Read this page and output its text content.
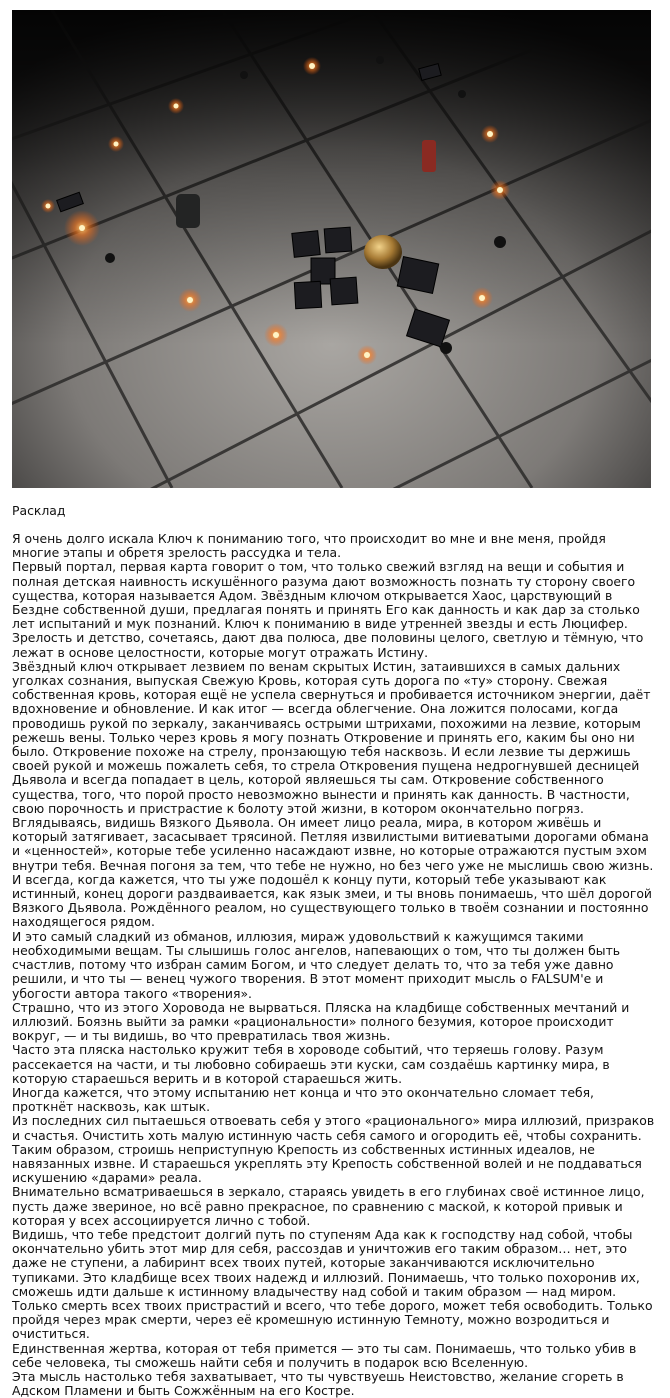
Расклад

Я очень долго искала Ключ к пониманию того, что происходит во мне и вне меня, пройдя многие этапы и обретя зрелость рассудка и тела.

Первый портал, первая карта говорит о том, что только свежий взгляд на вещи и события и полная детская наивность искушённого разума дают возможность познать ту сторону своего существа, которая называется Адом. Звёздным ключом открывается Хаос, царствующий в Бездне собственной души, предлагая понять и принять Его как данность и как дар за столько лет испытаний и мук познаний. Ключ к пониманию в виде утренней звезды и есть Люцифер.

Зрелость и детство, сочетаясь, дают два полюса, две половины целого, светлую и тёмную, что лежат в основе целостности, которые могут отражать Истину.

Звёздный ключ открывает лезвием по венам скрытых Истин, затаившихся в самых дальних уголках сознания, выпуская Свежую Кровь, которая суть дорога по «ту» сторону. Свежая собственная кровь, которая ещё не успела свернуться и пробивается источником энергии, даёт вдохновение и обновление. И как итог — всегда облегчение. Она ложится полосами, когда проводишь рукой по зеркалу, заканчиваясь острыми штрихами, похожими на лезвие, которым режешь вены. Только через кровь я могу познать Откровение и принять его, каким бы оно ни было. Откровение похоже на стрелу, пронзающую тебя насквозь. И если лезвие ты держишь своей рукой и можешь пожалеть себя, то стрела Откровения пущена недрогнувшей десницей Дьявола и всегда попадает в цель, которой являешься ты сам. Откровение собственного существа, того, что порой просто невозможно вынести и принять как данность. В частности, свою порочность и пристрастие к болоту этой жизни, в котором окончательно погряз. Вглядываясь, видишь Вязкого Дьявола. Он имеет лицо реала, мира, в котором живёшь и который затягивает, засасывает трясиной. Петляя извилистыми витиеватыми дорогами обмана и «ценностей», которые тебе усиленно насаждают извне, но которые отражаются пустым эхом внутри тебя. Вечная погоня за тем, что тебе не нужно, но без чего уже не мыслишь свою жизнь. И всегда, когда кажется, что ты уже подошёл к концу пути, который тебе указывают как истинный, конец дороги раздваивается, как язык змеи, и ты вновь понимаешь, что шёл дорогой Вязкого Дьявола. Рождённого реалом, но существующего только в твоём сознании и постоянно находящегося рядом.

И это самый сладкий из обманов, иллюзия, мираж удовольствий к кажущимся такими необходимыми вещам. Ты слышишь голос ангелов, напевающих о том, что ты должен быть счастлив, потому что избран самим Богом, и что следует делать то, что за тебя уже давно решили, и что ты — венец чужого творения. В этот момент приходит мысль о FALSUM'е и убогости автора такого «творения».

Страшно, что из этого Хоровода не вырваться. Пляска на кладбище собственных мечтаний и иллюзий. Боязнь выйти за рамки «рациональности» полного безумия, которое происходит вокруг, — и ты видишь, во что превратилась твоя жизнь.

Часто эта пляска настолько кружит тебя в хороводе событий, что теряешь голову. Разум рассекается на части, и ты любовно собираешь эти куски, сам создаёшь картинку мира, в которую стараешься верить и в которой стараешься жить.

Иногда кажется, что этому испытанию нет конца и что это окончательно сломает тебя, проткнёт насквозь, как штык.

Из последних сил пытаешься отвоевать себя у этого «рационального» мира иллюзий, призраков и счастья. Очистить хоть малую истинную часть себя самого и огородить её, чтобы сохранить. Таким образом, строишь неприступную Крепость из собственных истинных идеалов, не навязанных извне. И стараешься укреплять эту Крепость собственной волей и не поддаваться искушению «дарами» реала.

Внимательно всматриваешься в зеркало, стараясь увидеть в его глубинах своё истинное лицо, пусть даже звериное, но всё равно прекрасное, по сравнению с маской, к которой привык и которая у всех ассоциируется лично с тобой.

Видишь, что тебе предстоит долгий путь по ступеням Ада как к господству над собой, чтобы окончательно убить этот мир для себя, рассоздав и уничтожив его таким образом… нет, это даже не ступени, а лабиринт всех твоих путей, которые заканчиваются исключительно тупиками. Это кладбище всех твоих надежд и иллюзий. Понимаешь, что только похоронив их, сможешь идти дальше к истинному владычеству над собой и таким образом — над миром. Только смерть всех твоих пристрастий и всего, что тебе дорого, может тебя освободить. Только пройдя через мрак смерти, через её кромешную истинную Темноту, можно возродиться и очиститься.

Единственная жертва, которая от тебя примется — это ты сам. Понимаешь, что только убив в себе человека, ты сможешь найти себя и получить в подарок всю Вселенную.

Эта мысль настолько тебя захватывает, что ты чувствуешь Неистовство, желание сгореть в Адском Пламени и быть Сожжённым на его Костре.
